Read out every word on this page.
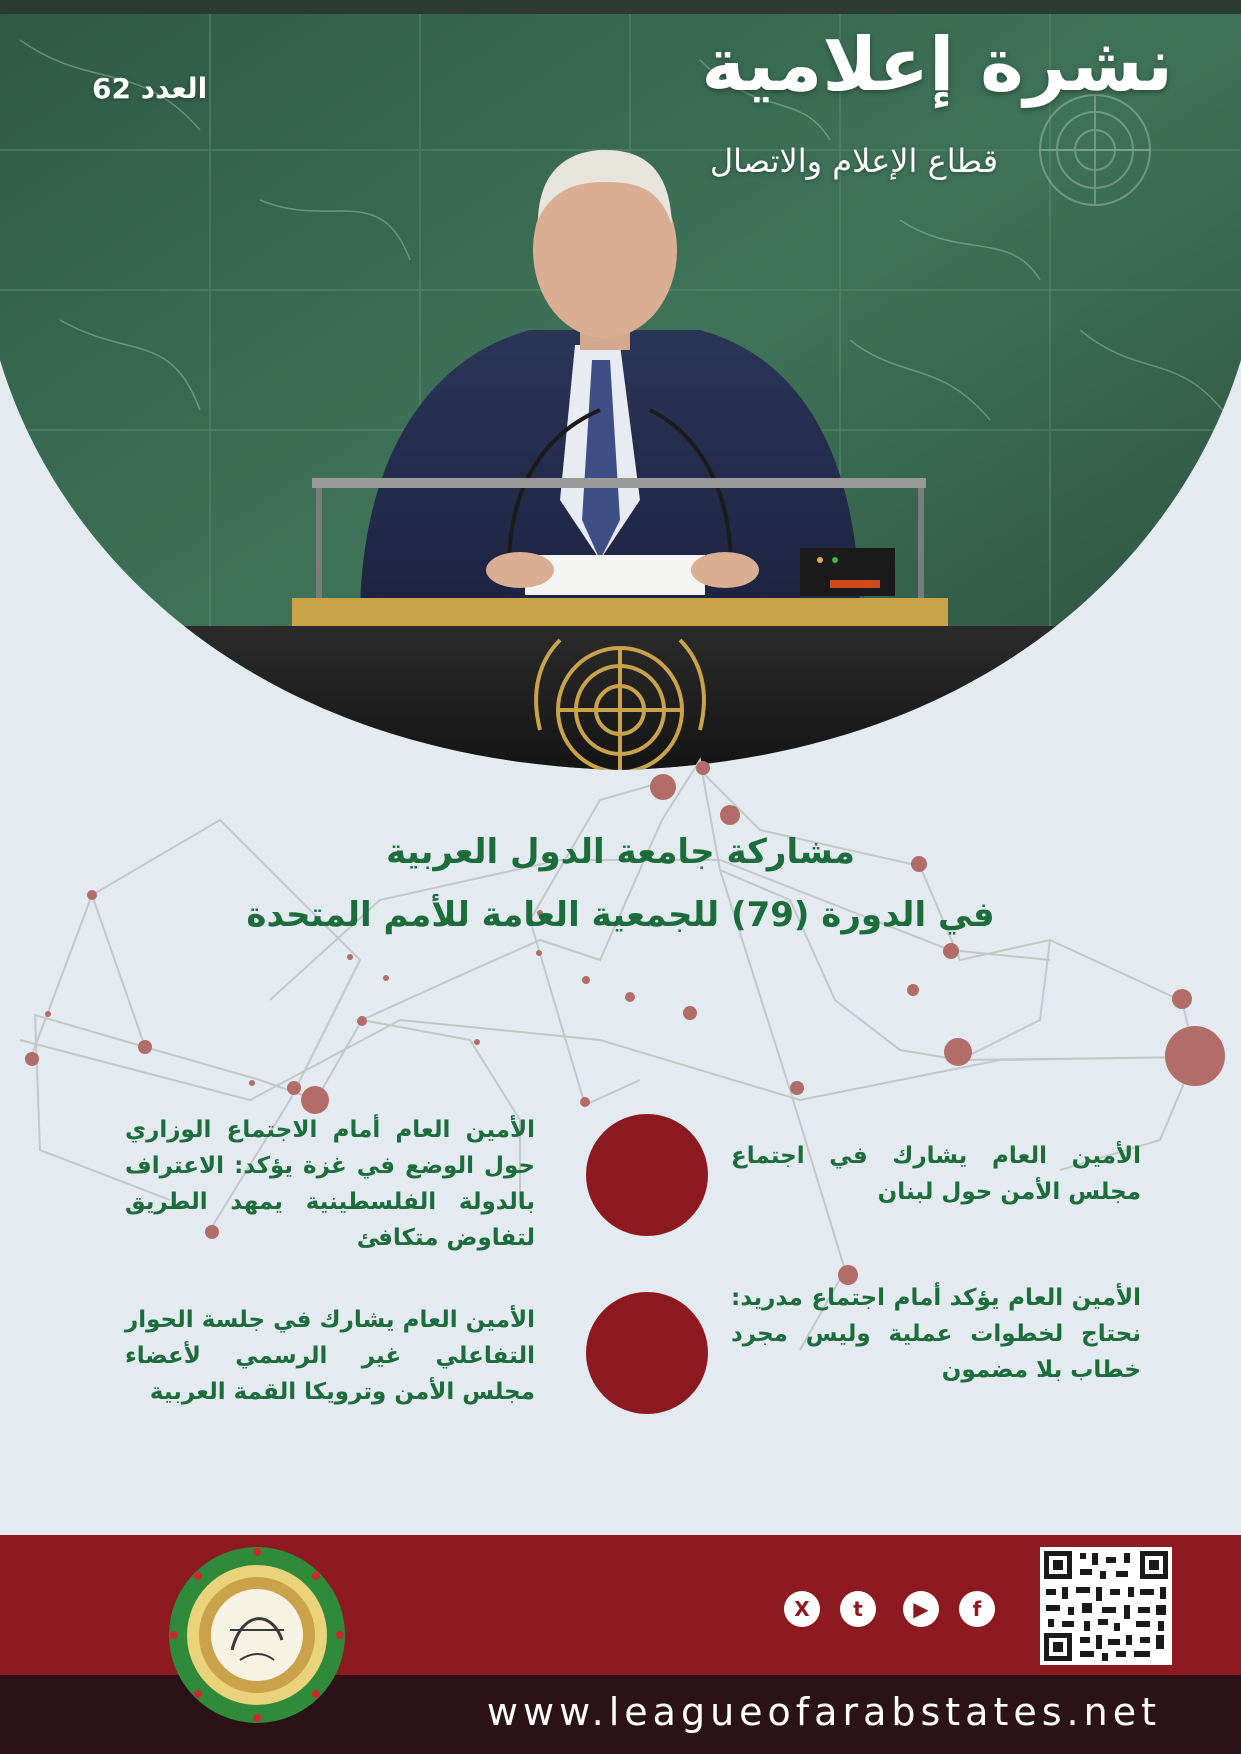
نشرة إعلامية
قطاع الإعلام والاتصال
العدد 62
مشاركة جامعة الدول العربية
في الدورة (79) للجمعية العامة للأمم المتحدة

الأمين العام يشارك في اجتماع مجلس الأمن حول لبنان

الأمين العام أمام الاجتماع الوزاري حول الوضع في غزة يؤكد: الاعتراف بالدولة الفلسطينية يمهد الطريق لتفاوض متكافئ

الأمين العام يؤكد أمام اجتماع مدريد: نحتاج لخطوات عملية وليس مجرد خطاب بلا مضمون

الأمين العام يشارك في جلسة الحوار التفاعلي غير الرسمي لأعضاء مجلس الأمن وترويكا القمة العربية

X	t	▶	f
www.leagueofarabstates.net
